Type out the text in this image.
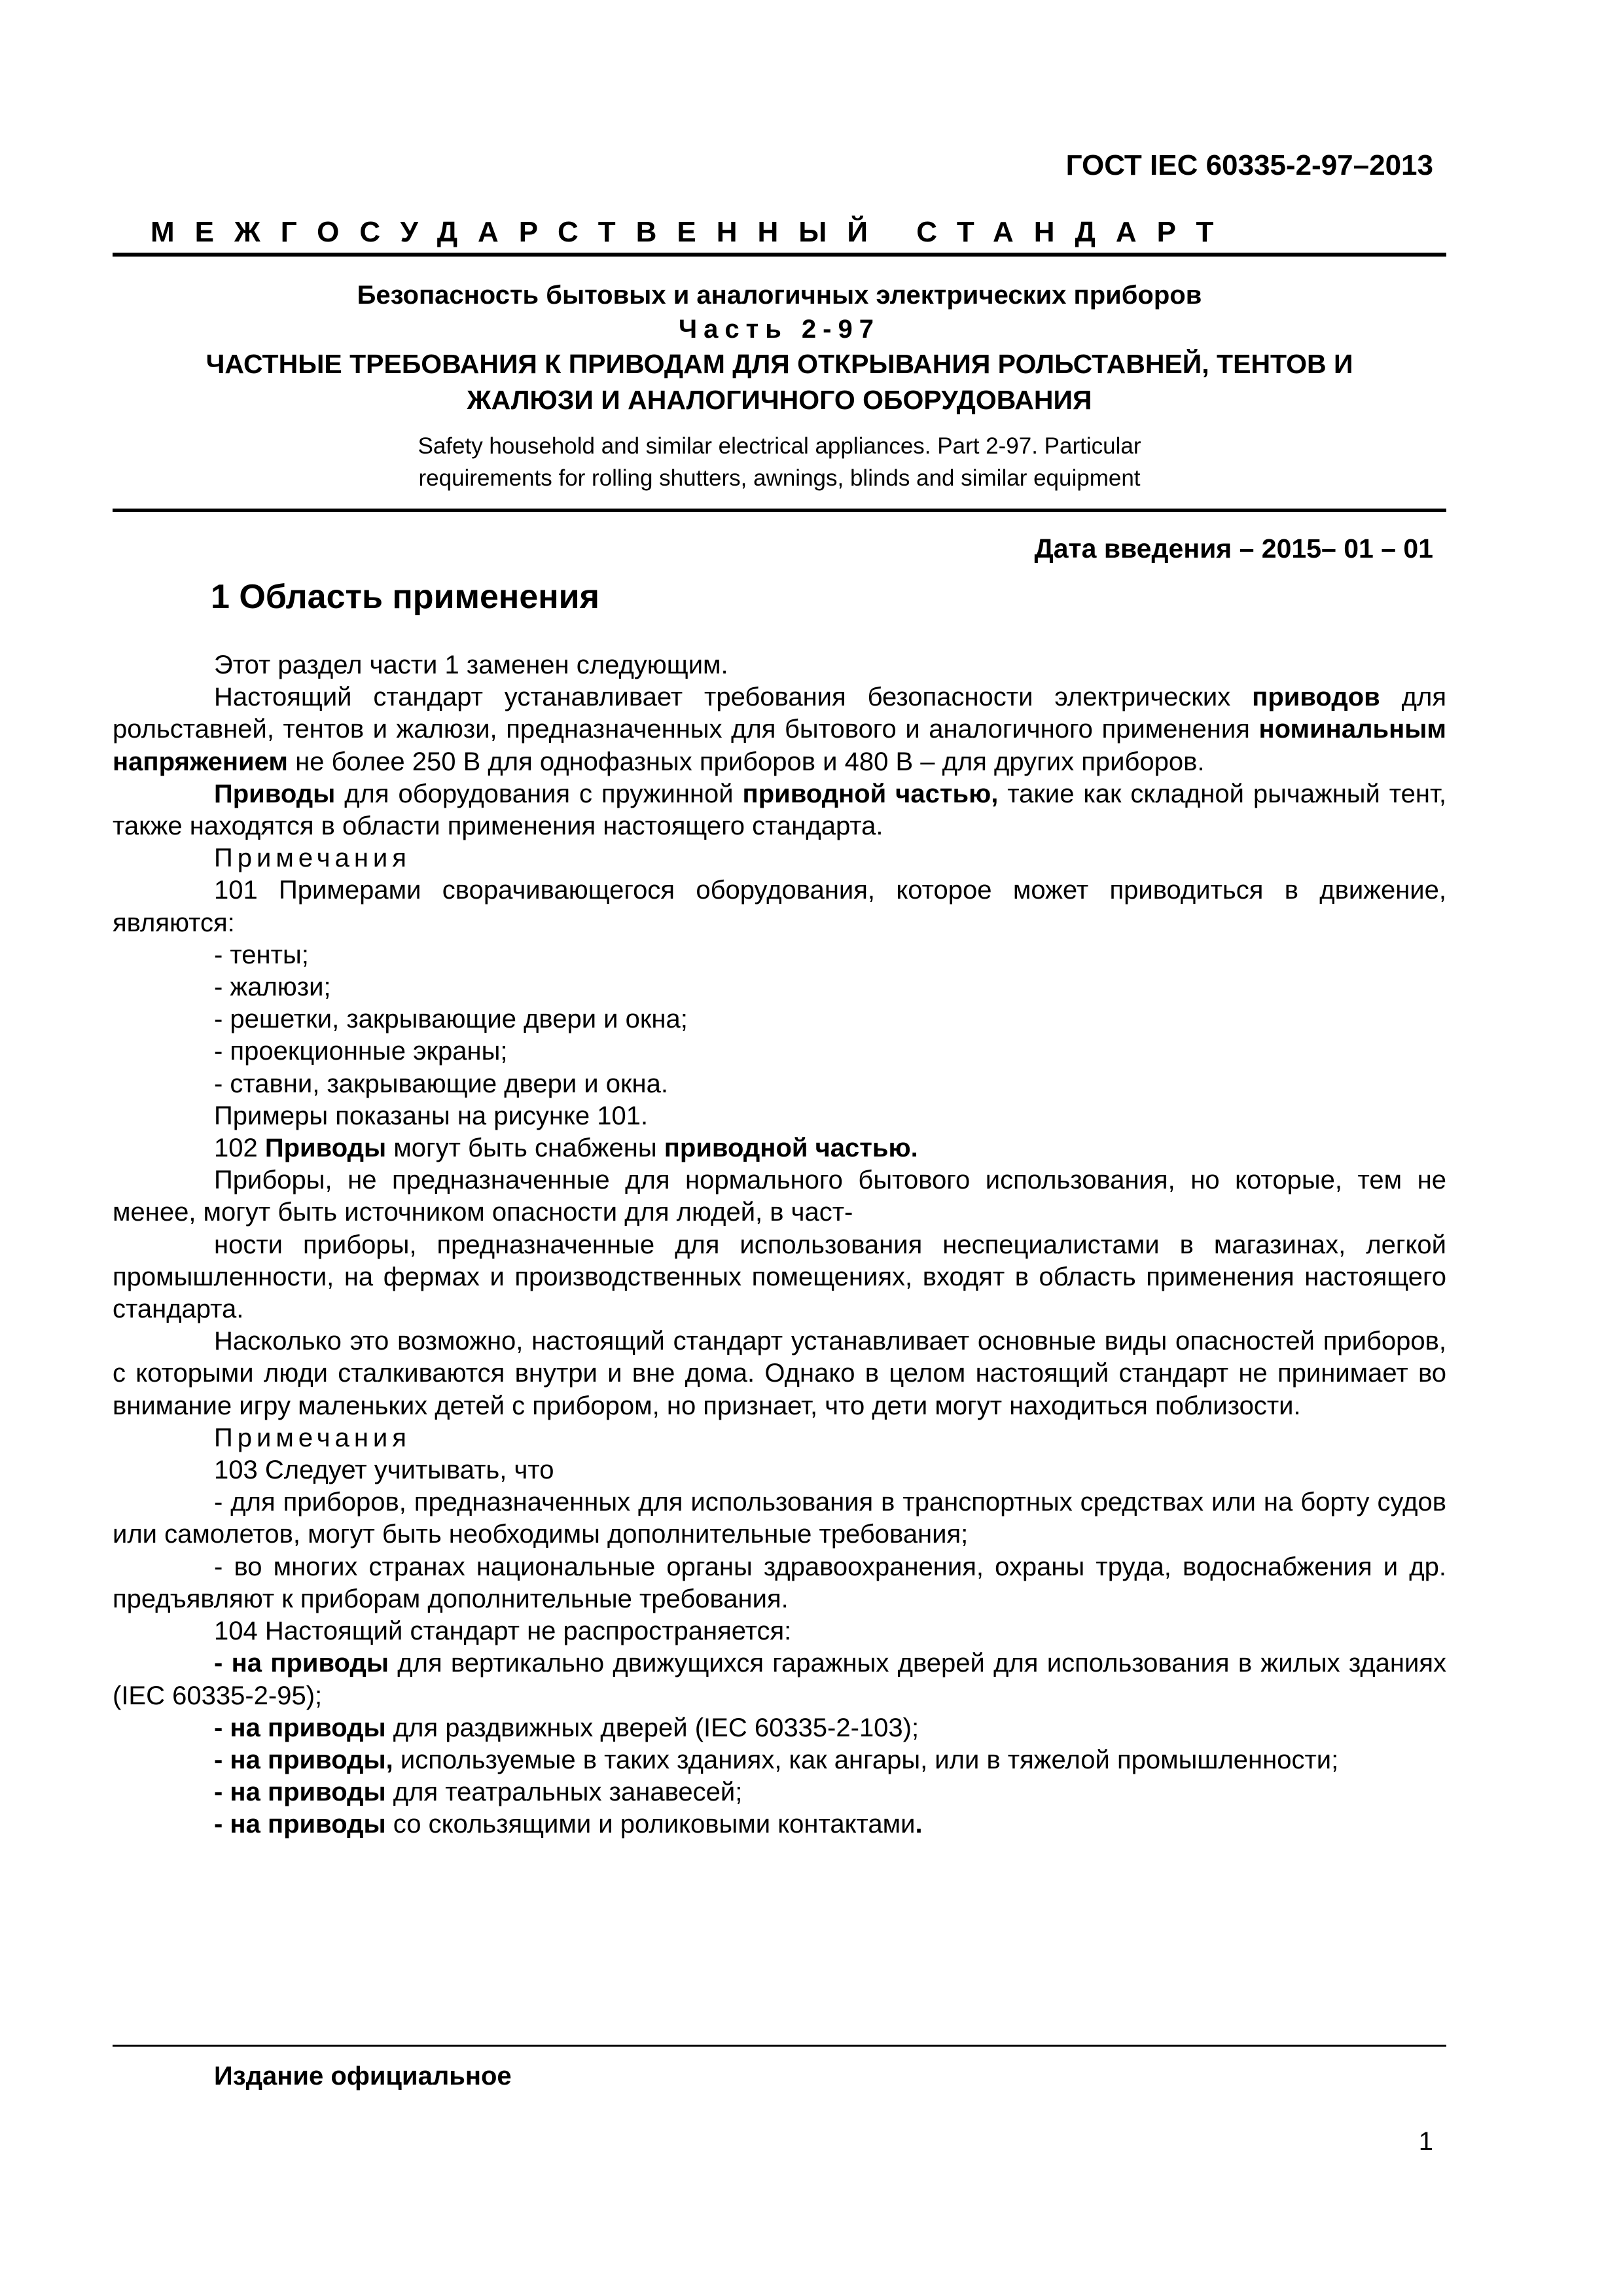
ГОСТ IEC 60335-2-97–2013
МЕЖГОСУДАРСТВЕННЫЙ СТАНДАРТ
Безопасность бытовых и аналогичных электрических приборов
Часть 2-97
ЧАСТНЫЕ ТРЕБОВАНИЯ К ПРИВОДАМ ДЛЯ ОТКРЫВАНИЯ РОЛЬСТАВНЕЙ, ТЕНТОВ И
ЖАЛЮЗИ И АНАЛОГИЧНОГО ОБОРУДОВАНИЯ
Safety household and similar electrical appliances. Part 2-97. Particular
requirements for rolling shutters, awnings, blinds and similar equipment
Дата введения – 2015– 01 – 01
1 Область применения

Этот раздел части 1 заменен следующим.

Настоящий стандарт устанавливает требования безопасности электрических приводов для рольставней, тентов и жалюзи, предназначенных для бытового и аналогичного применения номинальным напряжением не более 250 В для однофазных приборов и 480 В – для других приборов.

Приводы для оборудования с пружинной приводной частью, такие как складной рычажный тент, также находятся в области применения настоящего стандарта.

Примечания

101 Примерами сворачивающегося оборудования, которое может приводиться в движение, являются:

- тенты;

- жалюзи;

- решетки, закрывающие двери и окна;

- проекционные экраны;

- ставни, закрывающие двери и окна.

Примеры показаны на рисунке 101.

102 Приводы могут быть снабжены приводной частью.

Приборы, не предназначенные для нормального бытового использования, но которые, тем не менее, могут быть источником опасности для людей, в част-

ности приборы, предназначенные для использования неспециалистами в магазинах, легкой промышленности, на фермах и производственных помещениях, входят в область применения настоящего стандарта.

Насколько это возможно, настоящий стандарт устанавливает основные виды опасностей приборов, с которыми люди сталкиваются внутри и вне дома. Однако в целом настоящий стандарт не принимает во внимание игру маленьких детей с прибором, но признает, что дети могут находиться поблизости.

Примечания

103 Следует учитывать, что

- для приборов, предназначенных для использования в транспортных средствах или на борту судов или самолетов, могут быть необходимы дополнительные требования;

- во многих странах национальные органы здравоохранения, охраны труда, водоснабжения и др. предъявляют к приборам дополнительные требования.

104 Настоящий стандарт не распространяется:

- на приводы для вертикально движущихся гаражных дверей для использования в жилых зданиях (IEC 60335-2-95);

- на приводы для раздвижных дверей (IEC 60335-2-103);

- на приводы, используемые в таких зданиях, как ангары, или в тяжелой промышленности;

- на приводы для театральных занавесей;

- на приводы со скользящими и роликовыми контактами.

Издание официальное
1
